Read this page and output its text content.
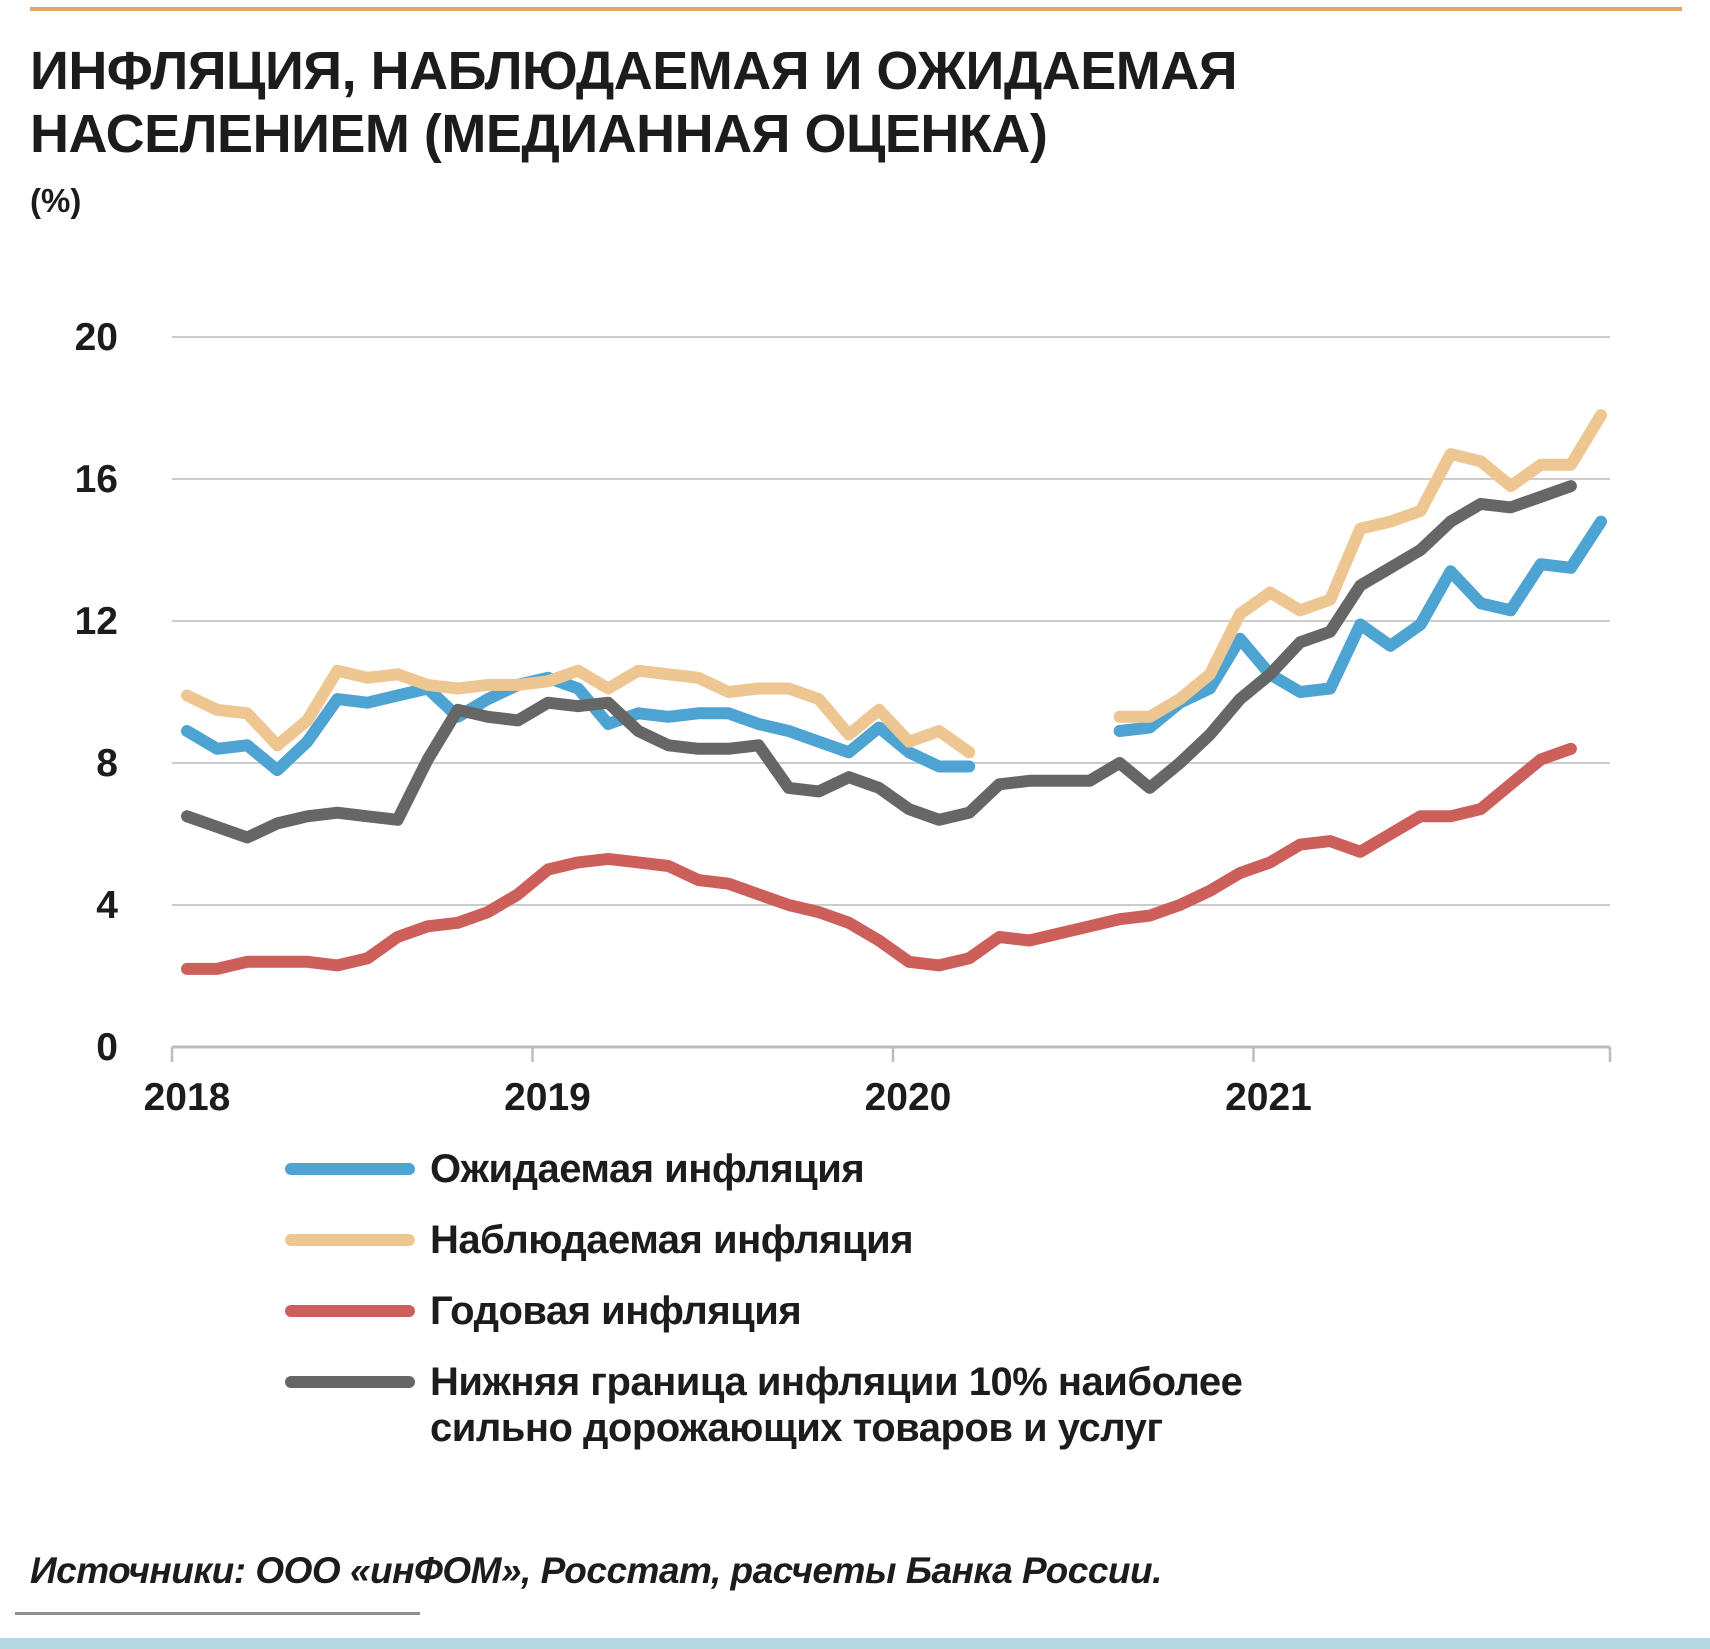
ИНФЛЯЦИЯ, НАБЛЮДАЕМАЯ И ОЖИДАЕМАЯ
НАСЕЛЕНИЕМ (МЕДИАННАЯ ОЦЕНКА)
(%)
0
4
8
12
16
20
2018	2019	2020	2021
Ожидаемая инфляция
Наблюдаемая инфляция
Годовая инфляция
Нижняя граница инфляции 10% наиболее сильно дорожающих товаров и услуг
Источники: ООО «инФОМ», Росстат, расчеты Банка России.
